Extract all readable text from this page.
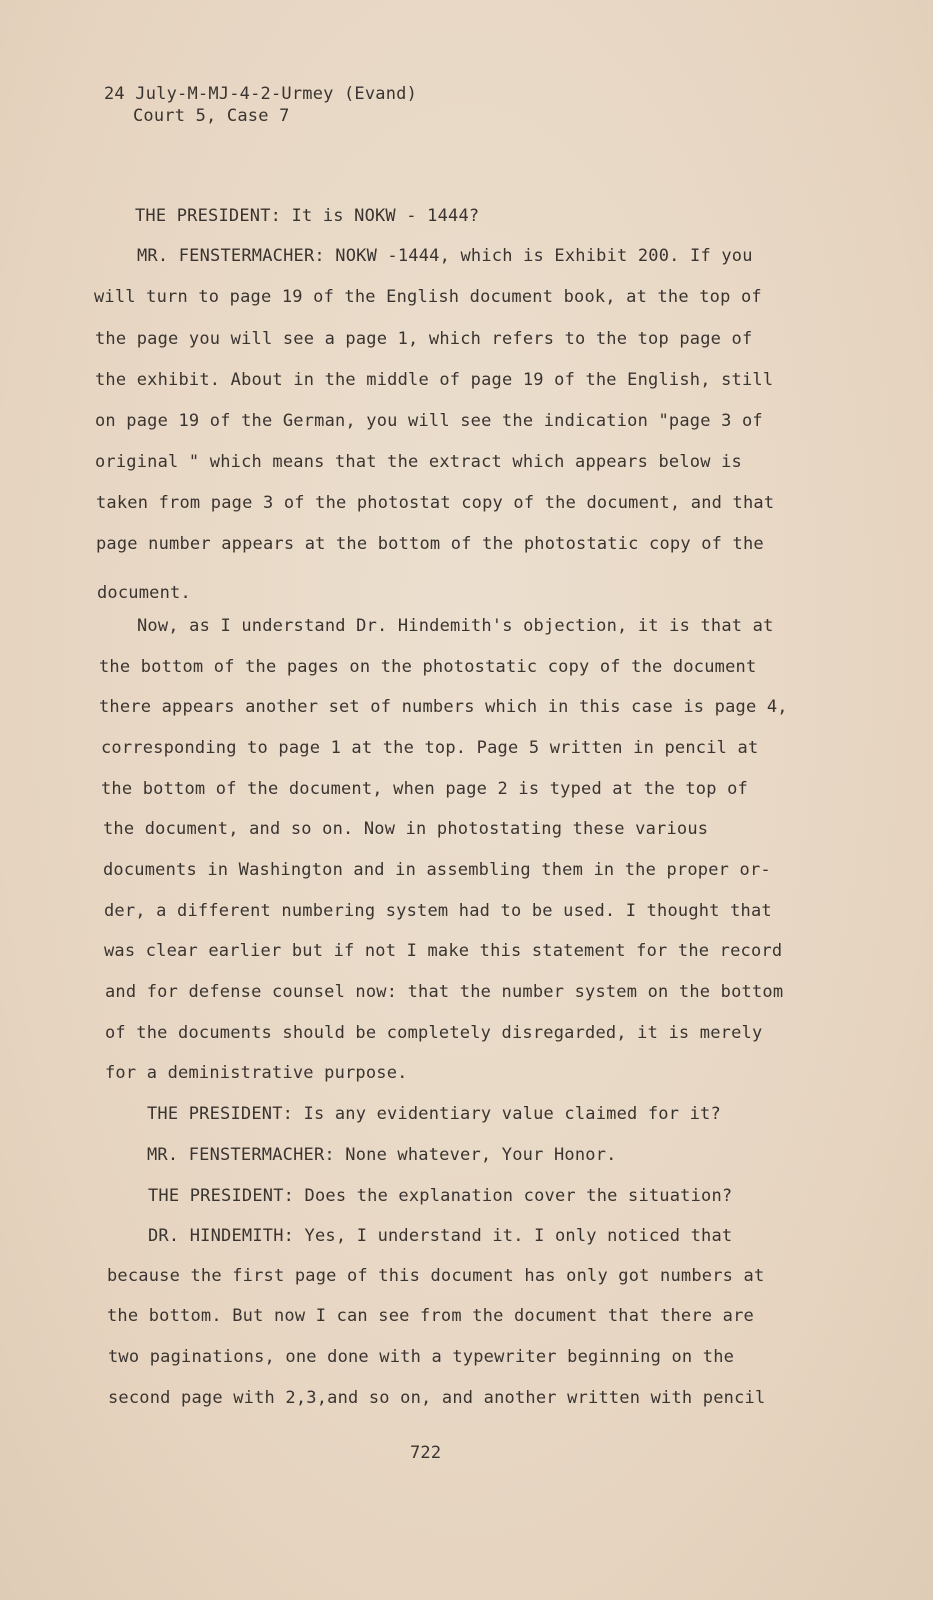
24 July-M-MJ-4-2-Urmey (Evand)
Court 5, Case 7
THE PRESIDENT: It is NOKW - 1444?
MR. FENSTERMACHER: NOKW -1444, which is Exhibit 200. If you
will turn to page 19 of the English document book, at the top of
the page you will see a page 1, which refers to the top page of
the exhibit. About in the middle of page 19 of the English, still
on page 19 of the German, you will see the indication "page 3 of
original " which means that the extract which appears below is
taken from page 3 of the photostat copy of the document, and that
page number appears at the bottom of the photostatic copy of the
document.
Now, as I understand Dr. Hindemith's objection, it is that at
the bottom of the pages on the photostatic copy of the document
there appears another set of numbers which in this case is page 4,
corresponding to page 1 at the top. Page 5 written in pencil at
the bottom of the document, when page 2 is typed at the top of
the document, and so on. Now in photostating these various
documents in Washington and in assembling them in the proper or-
der, a different numbering system had to be used. I thought that
was clear earlier but if not I make this statement for the record
and for defense counsel now: that the number system on the bottom
of the documents should be completely disregarded, it is merely
for a deministrative purpose.
THE PRESIDENT: Is any evidentiary value claimed for it?
MR. FENSTERMACHER: None whatever, Your Honor.
THE PRESIDENT: Does the explanation cover the situation?
DR. HINDEMITH: Yes, I understand it. I only noticed that
because the first page of this document has only got numbers at
the bottom. But now I can see from the document that there are
two paginations, one done with a typewriter beginning on the
second page with 2,3,and so on, and another written with pencil
722
